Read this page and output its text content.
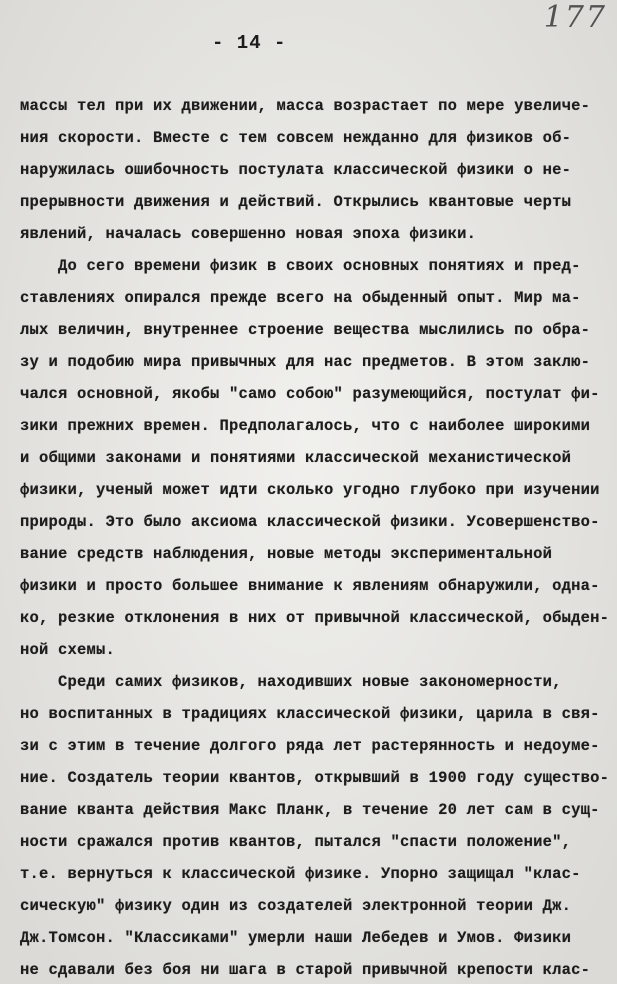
177
- 14 -
массы тел при их движении, масса возрастает по мере увеличе-
ния скорости. Вместе с тем совсем нежданно для физиков об-
наружилась ошибочность постулата классической физики о не-
прерывности движения и действий. Открылись квантовые черты
явлений, началась совершенно новая эпоха физики.
До сего времени физик в своих основных понятиях и пред-
ставлениях опирался прежде всего на обыденный опыт. Мир ма-
лых величин, внутреннее строение вещества мыслились по обра-
зу и подобию мира привычных для нас предметов. В этом заклю-
чался основной, якобы "само собою" разумеющийся, постулат фи-
зики прежних времен. Предполагалось, что с наиболее широкими
и общими законами и понятиями классической механистической
физики, ученый может идти сколько угодно глубоко при изучении
природы. Это было аксиома классической физики. Усовершенство-
вание средств наблюдения, новые методы экспериментальной
физики и просто большее внимание к явлениям обнаружили, одна-
ко, резкие отклонения в них от привычной классической, обыден-
ной схемы.
Среди самих физиков, находивших новые закономерности,
но воспитанных в традициях классической физики, царила в свя-
зи с этим в течение долгого ряда лет растерянность и недоуме-
ние. Создатель теории квантов, открывший в 1900 году существо-
вание кванта действия Макс Планк, в течение 20 лет сам в сущ-
ности сражался против квантов, пытался "спасти положение",
т.е. вернуться к классической физике. Упорно защищал "клас-
сическую" физику один из создателей электронной теории Дж.
Дж.Томсон. "Классиками" умерли наши Лебедев и Умов. Физики
не сдавали без боя ни шага в старой привычной крепости клас-
